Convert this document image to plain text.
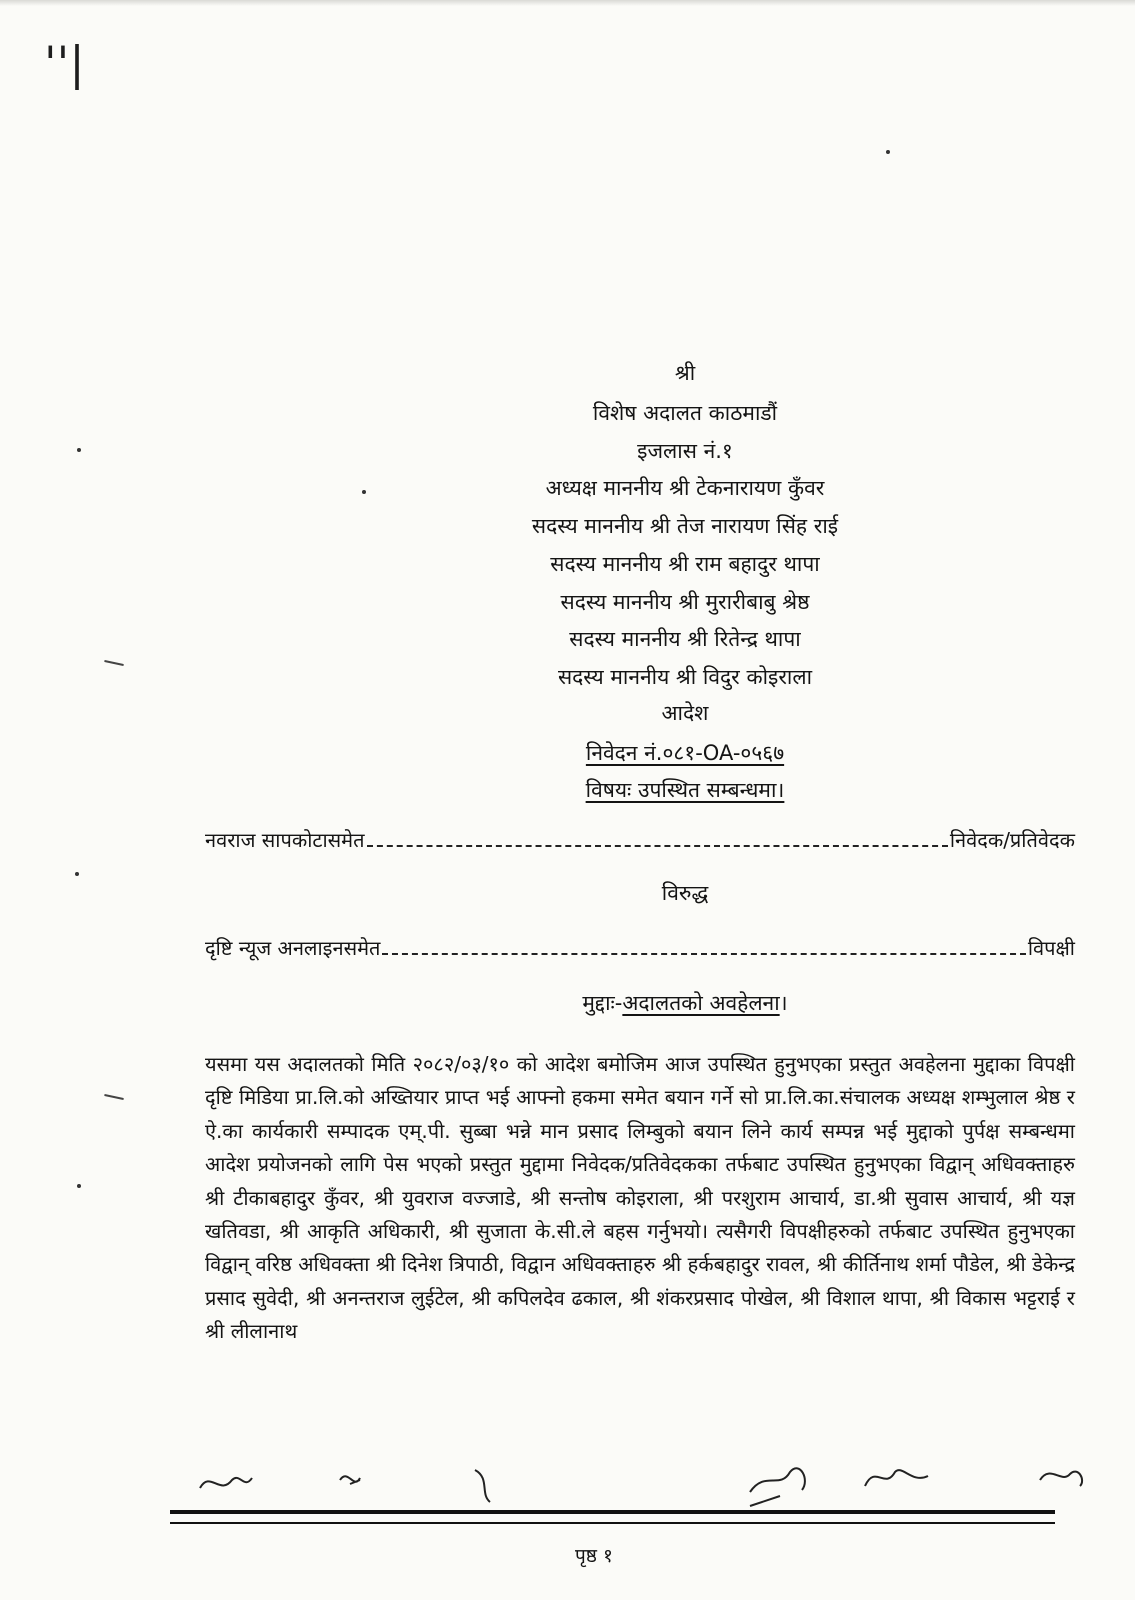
''|
श्री
विशेष अदालत काठमाडौं
इजलास नं.१
अध्यक्ष माननीय श्री टेकनारायण कुँवर
सदस्य माननीय श्री तेज नारायण सिंह राई
सदस्य माननीय श्री राम बहादुर थापा
सदस्य माननीय श्री मुरारीबाबु श्रेष्ठ
सदस्य माननीय श्री रितेन्द्र थापा
सदस्य माननीय श्री विदुर कोइराला
आदेश
निवेदन नं.०८१-OA-०५६७
विषयः उपस्थित सम्बन्धमा।
नवराज सापकोटासमेत	निवेदक/प्रतिवेदक
विरुद्ध
दृष्टि न्यूज अनलाइनसमेत	विपक्षी
मुद्दाः-अदालतको अवहेलना।
यसमा यस अदालतको मिति २०८२/०३/१० को आदेश बमोजिम आज उपस्थित हुनुभएका प्रस्तुत अवहेलना मुद्दाका विपक्षी दृष्टि मिडिया प्रा.लि.को अख्तियार प्राप्त भई आफ्नो हकमा समेत बयान गर्ने सो प्रा.लि.का.संचालक अध्यक्ष शम्भुलाल श्रेष्ठ र ऐ.का कार्यकारी सम्पादक एम्.पी. सुब्बा भन्ने मान प्रसाद लिम्बुको बयान लिने कार्य सम्पन्न भई मुद्दाको पुर्पक्ष सम्बन्धमा आदेश प्रयोजनको लागि पेस भएको प्रस्तुत मुद्दामा निवेदक/प्रतिवेदकका तर्फबाट उपस्थित हुनुभएका विद्वान् अधिवक्ताहरु श्री टीकाबहादुर कुँवर, श्री युवराज वज्जाडे, श्री सन्तोष कोइराला, श्री परशुराम आचार्य, डा.श्री सुवास आचार्य, श्री यज्ञ खतिवडा, श्री आकृति अधिकारी, श्री सुजाता के.सी.ले बहस गर्नुभयो। त्यसैगरी विपक्षीहरुको तर्फबाट उपस्थित हुनुभएका विद्वान् वरिष्ठ अधिवक्ता श्री दिनेश त्रिपाठी, विद्वान अधिवक्ताहरु श्री हर्कबहादुर रावल, श्री कीर्तिनाथ शर्मा पौडेल, श्री डेकेन्द्र प्रसाद सुवेदी, श्री अनन्तराज लुईटेल, श्री कपिलदेव ढकाल, श्री शंकरप्रसाद पोखेल, श्री विशाल थापा, श्री विकास भट्टराई र श्री लीलानाथ
पृष्ठ १
